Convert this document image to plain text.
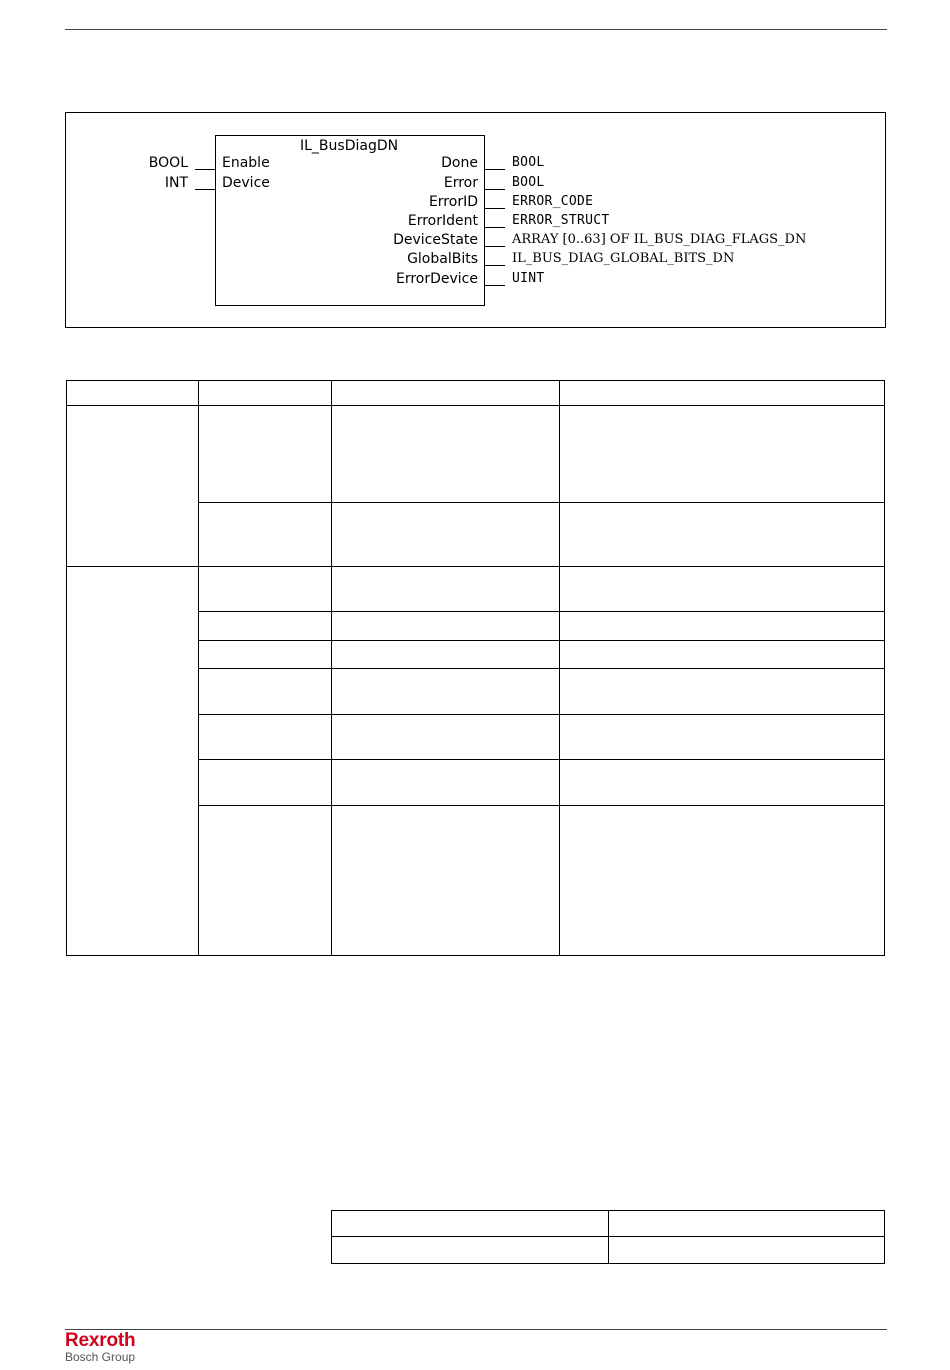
IL_BusDiagDN
BOOL Enable
INT Device
Done	BOOL
Error	BOOL
ErrorID	ERROR_CODE
ErrorIdent	ERROR_STRUCT
DeviceState	ARRAY [0..63] OF IL_BUS_DIAG_FLAGS_DN
GlobalBits	IL_BUS_DIAG_GLOBAL_BITS_DN
ErrorDevice	UINT
Rexroth
Bosch Group
